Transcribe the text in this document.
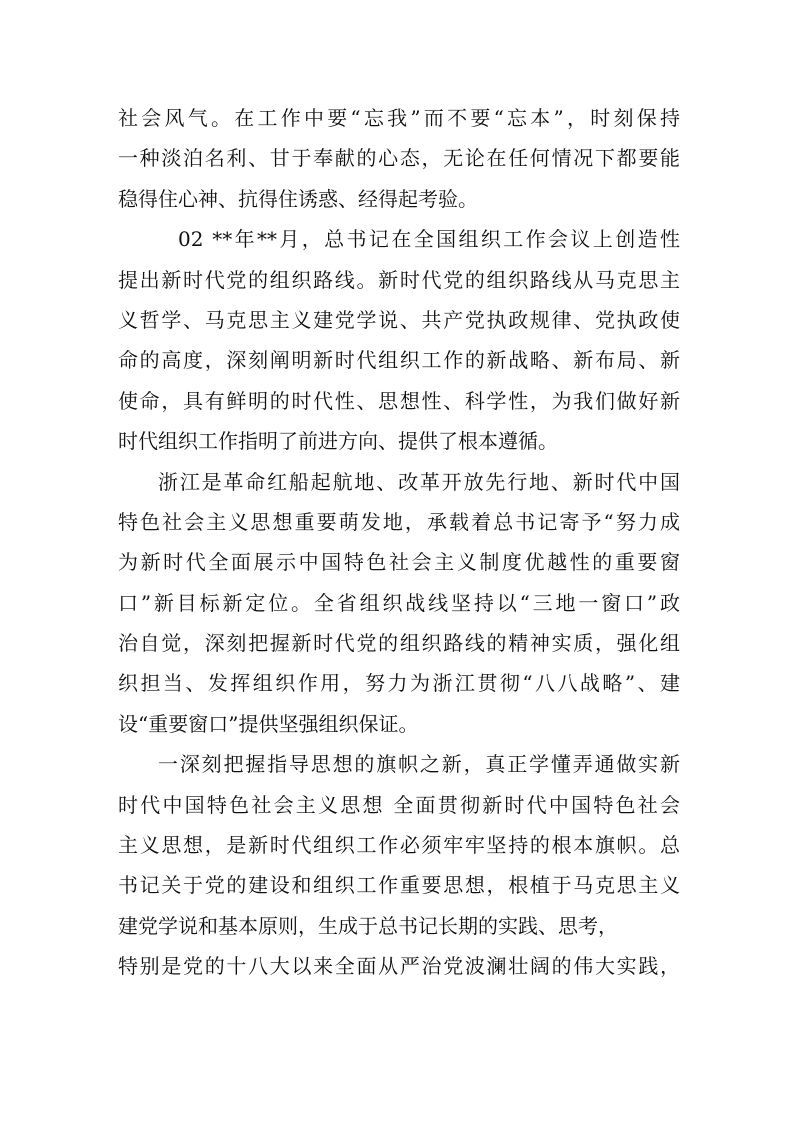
社会风气。在工作中要“忘我”而不要“忘本”，时刻保持
一种淡泊名利、甘于奉献的心态，无论在任何情况下都要能
稳得住心神、抗得住诱惑、经得起考验。
02 **年**月，总书记在全国组织工作会议上创造性
提出新时代党的组织路线。新时代党的组织路线从马克思主
义哲学、马克思主义建党学说、共产党执政规律、党执政使
命的高度，深刻阐明新时代组织工作的新战略、新布局、新
使命，具有鲜明的时代性、思想性、科学性，为我们做好新
时代组织工作指明了前进方向、提供了根本遵循。
浙江是革命红船起航地、改革开放先行地、新时代中国
特色社会主义思想重要萌发地，承载着总书记寄予“努力成
为新时代全面展示中国特色社会主义制度优越性的重要窗
口”新目标新定位。全省组织战线坚持以“三地一窗口”政
治自觉，深刻把握新时代党的组织路线的精神实质，强化组
织担当、发挥组织作用，努力为浙江贯彻“八八战略”、建
设“重要窗口”提供坚强组织保证。
一深刻把握指导思想的旗帜之新，真正学懂弄通做实新
时代中国特色社会主义思想 全面贯彻新时代中国特色社会
主义思想，是新时代组织工作必须牢牢坚持的根本旗帜。总
书记关于党的建设和组织工作重要思想，根植于马克思主义
建党学说和基本原则，生成于总书记长期的实践、思考，
特别是党的十八大以来全面从严治党波澜壮阔的伟大实践，
